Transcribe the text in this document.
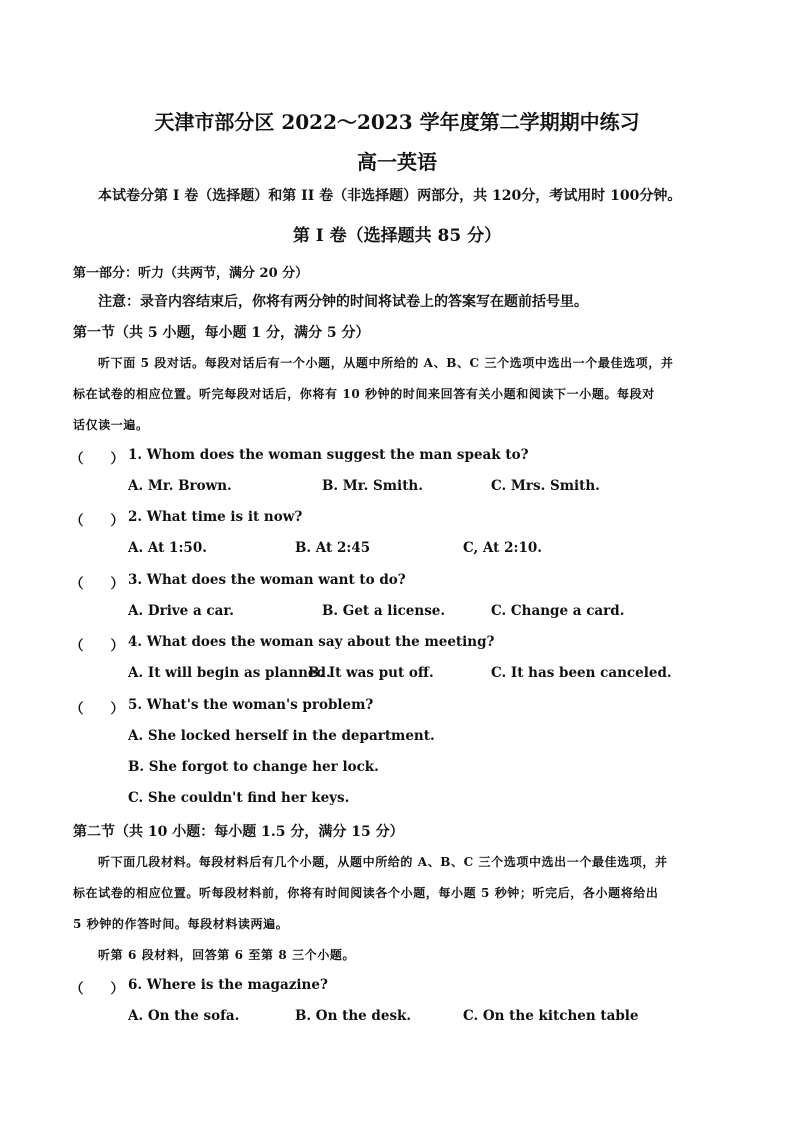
天津市部分区 2022～2023 学年度第二学期期中练习
高一英语
本试卷分第 I 卷（选择题）和第 II 卷（非选择题）两部分，共 120分，考试用时 100分钟。
第 I 卷（选择题共 85 分）
第一部分：听力（共两节，满分 20 分）
注意：录音内容结束后，你将有两分钟的时间将试卷上的答案写在题前括号里。
第一节（共 5 小题，每小题 1 分，满分 5 分）
听下面 5 段对话。每段对话后有一个小题，从题中所给的 A、B、C 三个选项中选出一个最佳选项，并
标在试卷的相应位置。听完每段对话后，你将有 10 秒钟的时间来回答有关小题和阅读下一小题。每段对
话仅读一遍。
（　　） 1. Whom does the woman suggest the man speak to?
A. Mr. Brown.	B. Mr. Smith.	C. Mrs. Smith.
（　　） 2. What time is it now?
A. At 1:50.	B. At 2:45	C, At 2:10.
（　　） 3. What does the woman want to do?
A. Drive a car.	B. Get a license.	C. Change a card.
（　　） 4. What does the woman say about the meeting?
A. It will begin as planned.
B. It was put off.	C. It has been canceled.
（　　） 5. What's the woman's problem?
A. She locked herself in the department.
B. She forgot to change her lock.
C. She couldn't find her keys.
第二节（共 10 小题：每小题 1.5 分，满分 15 分）
听下面几段材料。每段材料后有几个小题，从题中所给的 A、B、C 三个选项中选出一个最佳选项，并
标在试卷的相应位置。听每段材料前，你将有时间阅读各个小题，每小题 5 秒钟；听完后，各小题将给出
5 秒钟的作答时间。每段材料读两遍。
听第 6 段材料，回答第 6 至第 8 三个小题。
（　　） 6. Where is the magazine?
A. On the sofa.	B. On the desk.	C. On the kitchen table
